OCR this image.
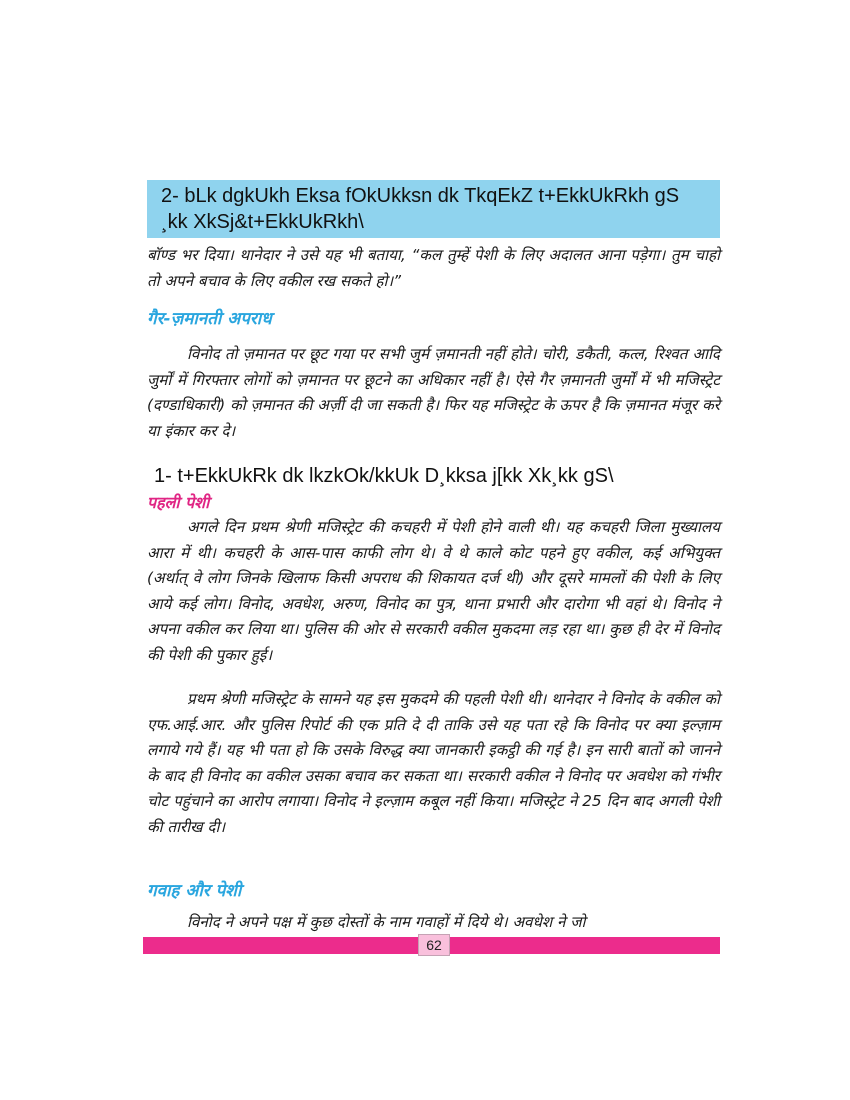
2- bLk dgkUkh Eksa fOkUkksn dk TkqEkZ t+EkkUkRkh gS
¸kk XkSj&t+EkkUkRkh\

बॉण्ड भर दिया। थानेदार ने उसे यह भी बताया, “कल तुम्हें पेशी के लिए अदालत आना पड़ेगा। तुम चाहो तो अपने बचाव के लिए वकील रख सकते हो।”

गैर-ज़मानती अपराध

विनोद तो ज़मानत पर छूट गया पर सभी जुर्म ज़मानती नहीं होते। चोरी, डकैती, कत्ल, रिश्वत आदि जुर्मों में गिरफ्तार लोगों को ज़मानत पर छूटने का अधिकार नहीं है। ऐसे गैर ज़मानती जुर्मों में भी मजिस्ट्रेट (दण्डाधिकारी) को ज़मानत की अर्ज़ी दी जा सकती है। फिर यह मजिस्ट्रेट के ऊपर है कि ज़मानत मंजूर करे या इंकार कर दे।

1- t+EkkUkRk dk lkzkOk/kkUk D¸kksa j[kk Xk¸kk gS\

पहली पेशी

अगले दिन प्रथम श्रेणी मजिस्ट्रेट की कचहरी में पेशी होने वाली थी। यह कचहरी जिला मुख्यालय आरा में थी। कचहरी के आस-पास काफी लोग थे। वे थे काले कोट पहने हुए वकील, कई अभियुक्त (अर्थात् वे लोग जिनके खिलाफ किसी अपराध की शिकायत दर्ज थी) और दूसरे मामलों की पेशी के लिए आये कई लोग। विनोद, अवधेश, अरुण, विनोद का पुत्र, थाना प्रभारी और दारोगा भी वहां थे। विनोद ने अपना वकील कर लिया था। पुलिस की ओर से सरकारी वकील मुकदमा लड़ रहा था। कुछ ही देर में विनोद की पेशी की पुकार हुई।

प्रथम श्रेणी मजिस्ट्रेट के सामने यह इस मुकदमे की पहली पेशी थी। थानेदार ने विनोद के वकील को एफ.आई.आर. और पुलिस रिपोर्ट की एक प्रति दे दी ताकि उसे यह पता रहे कि विनोद पर क्या इल्ज़ाम लगाये गये हैं। यह भी पता हो कि उसके विरुद्ध क्या जानकारी इकट्ठी की गई है। इन सारी बातों को जानने के बाद ही विनोद का वकील उसका बचाव कर सकता था। सरकारी वकील ने विनोद पर अवधेश को गंभीर चोट पहुंचाने का आरोप लगाया। विनोद ने इल्ज़ाम कबूल नहीं किया। मजिस्ट्रेट ने 25 दिन बाद अगली पेशी की तारीख दी।

गवाह और पेशी

विनोद ने अपने पक्ष में कुछ दोस्तों के नाम गवाहों में दिये थे। अवधेश ने जो

62
